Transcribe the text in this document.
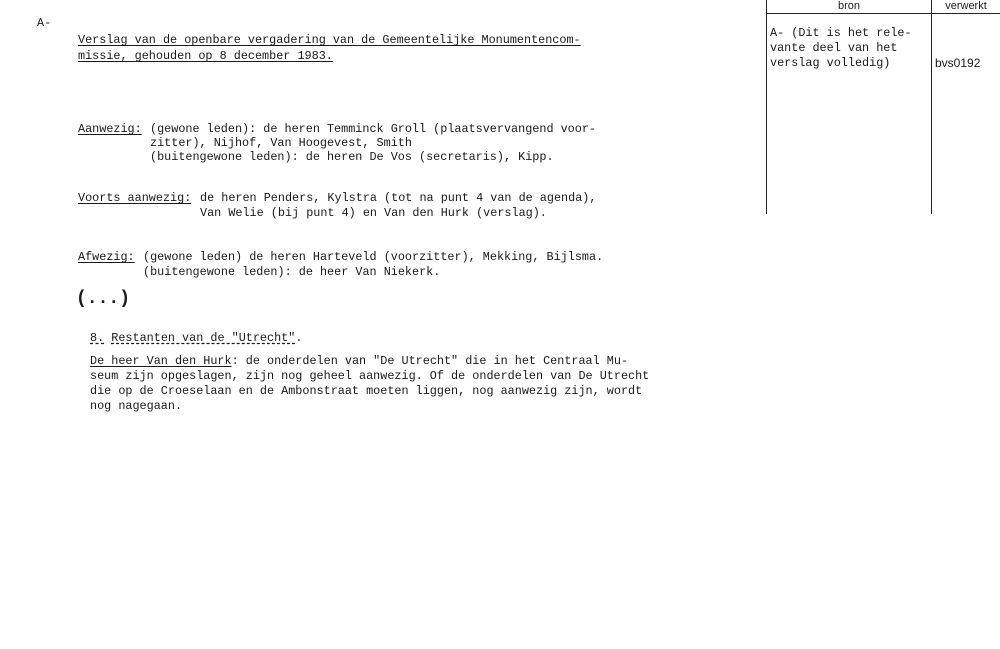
A-
Verslag van de openbare vergadering van de Gemeentelijke Monumentencom-
missie, gehouden op 8 december 1983.
Aanwezig: (gewone leden): de heren Temminck Groll (plaatsvervangend voor-
zitter), Nijhof, Van Hoogevest, Smith
(buitengewone leden): de heren De Vos (secretaris), Kipp.
Voorts aanwezig: de heren Penders, Kylstra (tot na punt 4 van de agenda),
Van Welie (bij punt 4) en Van den Hurk (verslag).
Afwezig: (gewone leden) de heren Harteveld (voorzitter), Mekking, Bijlsma.
(buitengewone leden): de heer Van Niekerk.
(...)
8. Restanten van de "Utrecht".
De heer Van den Hurk: de onderdelen van "De Utrecht" die in het Centraal Mu-
seum zijn opgeslagen, zijn nog geheel aanwezig. Of de onderdelen van De Utrecht
die op de Croeselaan en de Ambonstraat moeten liggen, nog aanwezig zijn, wordt
nog nagegaan.
bron	verwerkt
A- (Dit is het rele-
vante deel van het
verslag volledig)	bvs0192
